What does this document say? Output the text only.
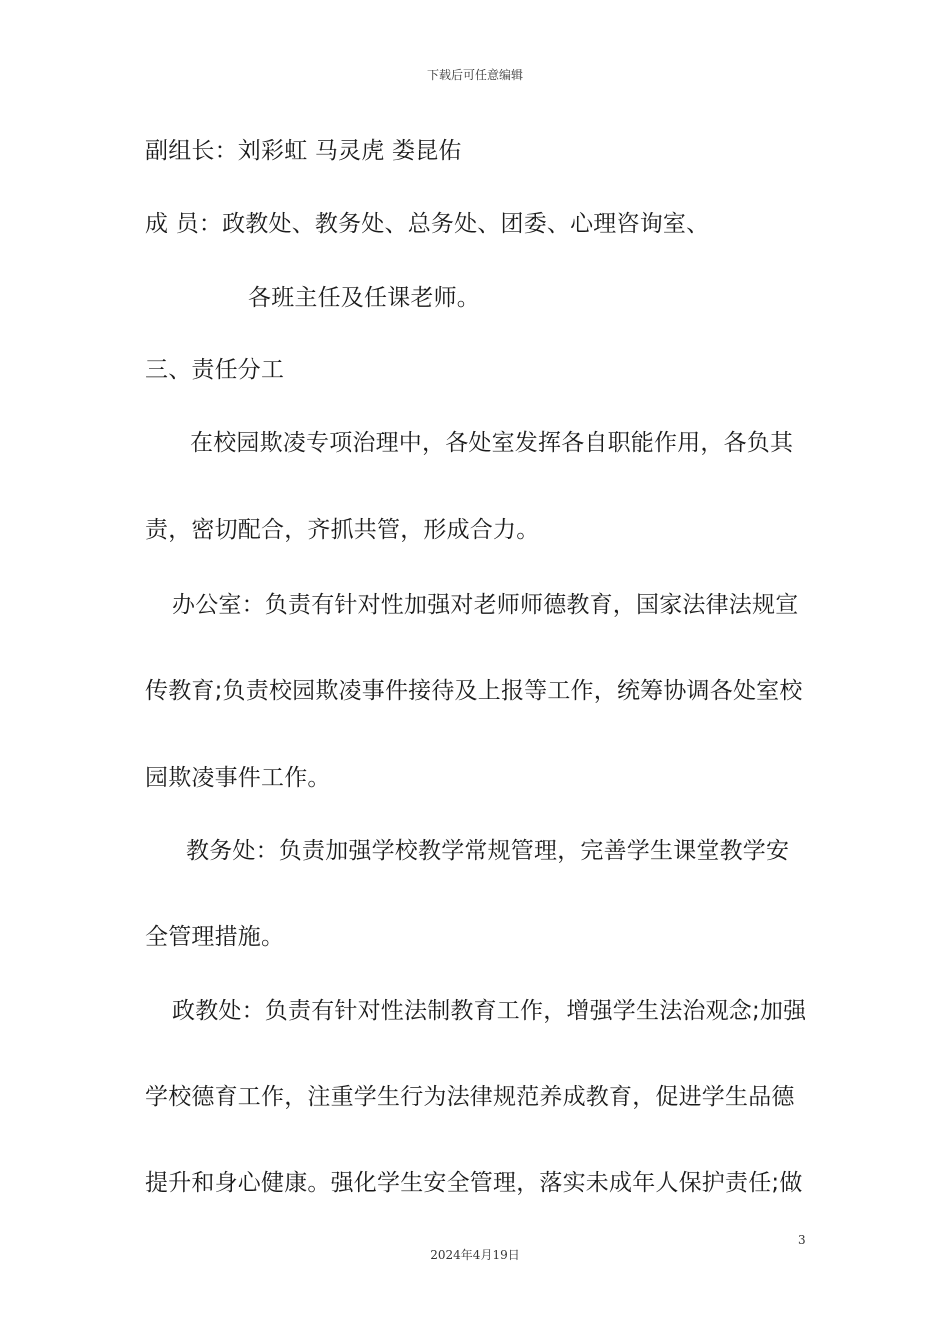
下载后可任意编辑
副组长：刘彩虹 马灵虎 娄昆佑
成 员：政教处、教务处、总务处、团委、心理咨询室、
各班主任及任课老师。
三、责任分工
在校园欺凌专项治理中，各处室发挥各自职能作用，各负其
责，密切配合，齐抓共管，形成合力。
办公室：负责有针对性加强对老师师德教育，国家法律法规宣
传教育;负责校园欺凌事件接待及上报等工作，统筹协调各处室校
园欺凌事件工作。
教务处：负责加强学校教学常规管理，完善学生课堂教学安
全管理措施。
政教处：负责有针对性法制教育工作，增强学生法治观念;加强
学校德育工作，注重学生行为法律规范养成教育，促进学生品德
提升和身心健康。强化学生安全管理，落实未成年人保护责任;做
3
2024年4月19日
